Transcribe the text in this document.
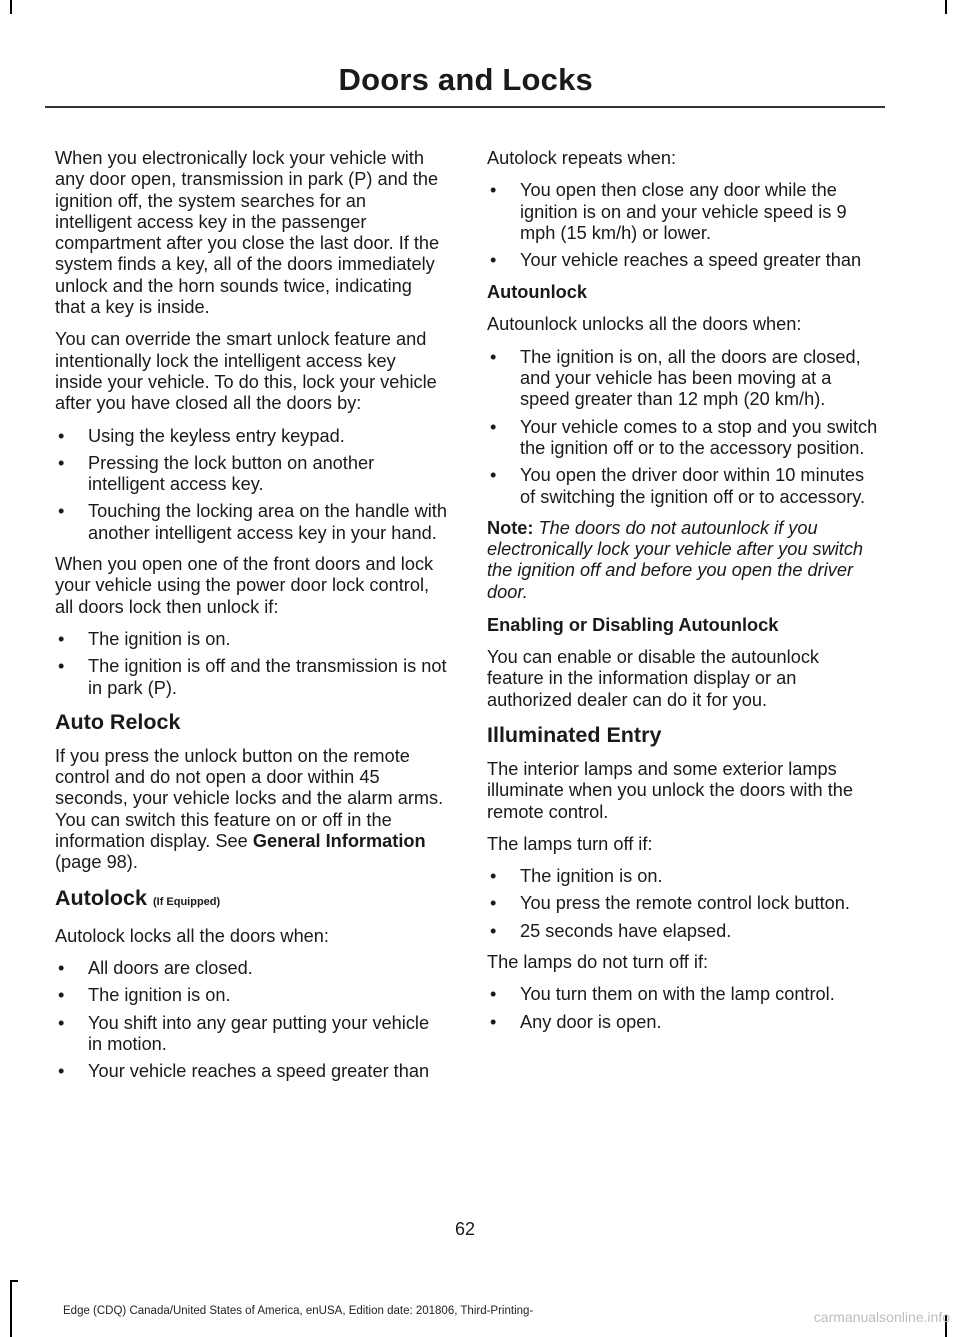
Doors and Locks

When you electronically lock your vehicle with any door open, transmission in park (P) and the ignition off, the system searches for an intelligent access key in the passenger compartment after you close the last door. If the system finds a key, all of the doors immediately unlock and the horn sounds twice, indicating that a key is inside.

You can override the smart unlock feature and intentionally lock the intelligent access key inside your vehicle. To do this, lock your vehicle after you have closed all the doors by:

• Using the keyless entry keypad.
• Pressing the lock button on another intelligent access key.
• Touching the locking area on the handle with another intelligent access key in your hand.

When you open one of the front doors and lock your vehicle using the power door lock control, all doors lock then unlock if:

• The ignition is on.
• The ignition is off and the transmission is not in park (P).
Auto Relock

If you press the unlock button on the remote control and do not open a door within 45 seconds, your vehicle locks and the alarm arms. You can switch this feature on or off in the information display. See General Information (page 98).

Autolock (If Equipped)

Autolock locks all the doors when:

• All doors are closed.
• The ignition is on.
• You shift into any gear putting your vehicle in motion.
• Your vehicle reaches a speed greater than

Autolock repeats when:

• You open then close any door while the ignition is on and your vehicle speed is 9 mph (15 km/h) or lower.
• Your vehicle reaches a speed greater than
Autounlock

Autounlock unlocks all the doors when:

• The ignition is on, all the doors are closed, and your vehicle has been moving at a speed greater than 12 mph (20 km/h).
• Your vehicle comes to a stop and you switch the ignition off or to the accessory position.
• You open the driver door within 10 minutes of switching the ignition off or to accessory.

Note: The doors do not autounlock if you electronically lock your vehicle after you switch the ignition off and before you open the driver door.

Enabling or Disabling Autounlock

You can enable or disable the autounlock feature in the information display or an authorized dealer can do it for you.

Illuminated Entry

The interior lamps and some exterior lamps illuminate when you unlock the doors with the remote control.

The lamps turn off if:

• The ignition is on.
• You press the remote control lock button.
• 25 seconds have elapsed.

The lamps do not turn off if:

• You turn them on with the lamp control.
• Any door is open.
62
Edge (CDQ) Canada/United States of America, enUSA, Edition date: 201806, Third-Printing-	carmanualsonline.info
